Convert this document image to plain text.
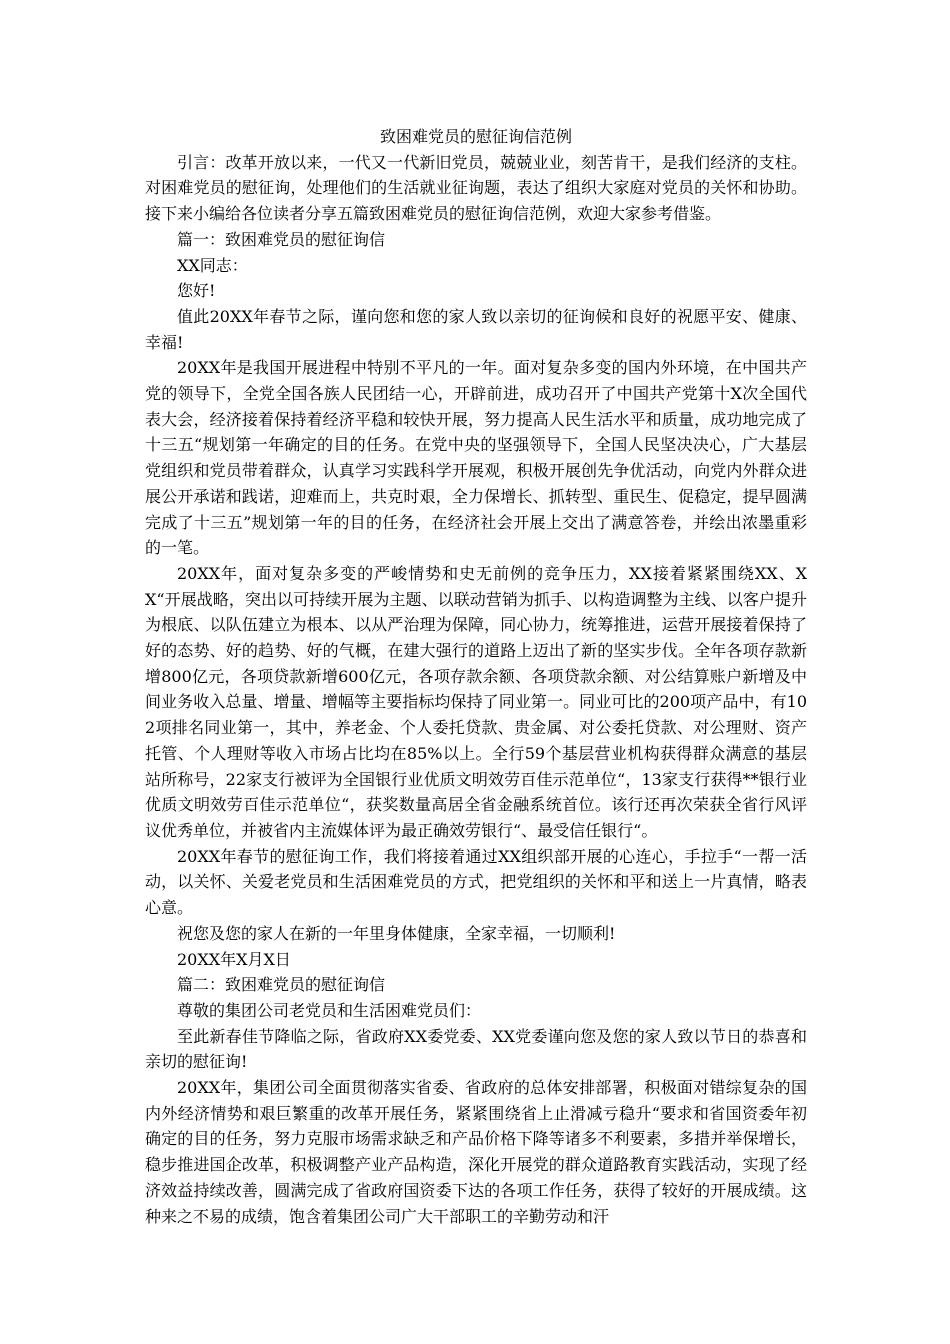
致困难党员的慰征询信范例

引言：改革开放以来，一代又一代新旧党员，兢兢业业，刻苦肯干，是我们经济的支柱。对困难党员的慰征询，处理他们的生活就业征询题，表达了组织大家庭对党员的关怀和协助。接下来小编给各位读者分享五篇致困难党员的慰征询信范例，欢迎大家参考借鉴。

篇一：致困难党员的慰征询信

XX同志：

您好!

值此20XX年春节之际，谨向您和您的家人致以亲切的征询候和良好的祝愿平安、健康、幸福!

20XX年是我国开展进程中特别不平凡的一年。面对复杂多变的国内外环境，在中国共产党的领导下，全党全国各族人民团结一心，开辟前进，成功召开了中国共产党第十X次全国代表大会，经济接着保持着经济平稳和较快开展，努力提高人民生活水平和质量，成功地完成了十三五“规划第一年确定的目的任务。在党中央的坚强领导下，全国人民坚决决心，广大基层党组织和党员带着群众，认真学习实践科学开展观，积极开展创先争优活动，向党内外群众进展公开承诺和践诺，迎难而上，共克时艰，全力保增长、抓转型、重民生、促稳定，提早圆满完成了十三五”规划第一年的目的任务，在经济社会开展上交出了满意答卷，并绘出浓墨重彩的一笔。

20XX年，面对复杂多变的严峻情势和史无前例的竞争压力，XX接着紧紧围绕XX、XX“开展战略，突出以可持续开展为主题、以联动营销为抓手、以构造调整为主线、以客户提升为根底、以队伍建立为根本、以从严治理为保障，同心协力，统筹推进，运营开展接着保持了好的态势、好的趋势、好的气概，在建大强行的道路上迈出了新的坚实步伐。全年各项存款新增800亿元，各项贷款新增600亿元，各项存款余额、各项贷款余额、对公结算账户新增及中间业务收入总量、增量、增幅等主要指标均保持了同业第一。同业可比的200项产品中，有102项排名同业第一，其中，养老金、个人委托贷款、贵金属、对公委托贷款、对公理财、资产托管、个人理财等收入市场占比均在85%以上。全行59个基层营业机构获得群众满意的基层站所称号，22家支行被评为全国银行业优质文明效劳百佳示范单位“，13家支行获得**银行业优质文明效劳百佳示范单位“，获奖数量高居全省金融系统首位。该行还再次荣获全省行风评议优秀单位，并被省内主流媒体评为最正确效劳银行“、最受信任银行“。

20XX年春节的慰征询工作，我们将接着通过XX组织部开展的心连心，手拉手“一帮一活动，以关怀、关爱老党员和生活困难党员的方式，把党组织的关怀和平和送上一片真情，略表心意。

祝您及您的家人在新的一年里身体健康，全家幸福，一切顺利!

20XX年X月X日

篇二：致困难党员的慰征询信

尊敬的集团公司老党员和生活困难党员们：

至此新春佳节降临之际，省政府XX委党委、XX党委谨向您及您的家人致以节日的恭喜和亲切的慰征询!

20XX年，集团公司全面贯彻落实省委、省政府的总体安排部署，积极面对错综复杂的国内外经济情势和艰巨繁重的改革开展任务，紧紧围绕省上止滑减亏稳升“要求和省国资委年初确定的目的任务，努力克服市场需求缺乏和产品价格下降等诸多不利要素，多措并举保增长，稳步推进国企改革，积极调整产业产品构造，深化开展党的群众道路教育实践活动，实现了经济效益持续改善，圆满完成了省政府国资委下达的各项工作任务，获得了较好的开展成绩。这种来之不易的成绩，饱含着集团公司广大干部职工的辛勤劳动和汗
